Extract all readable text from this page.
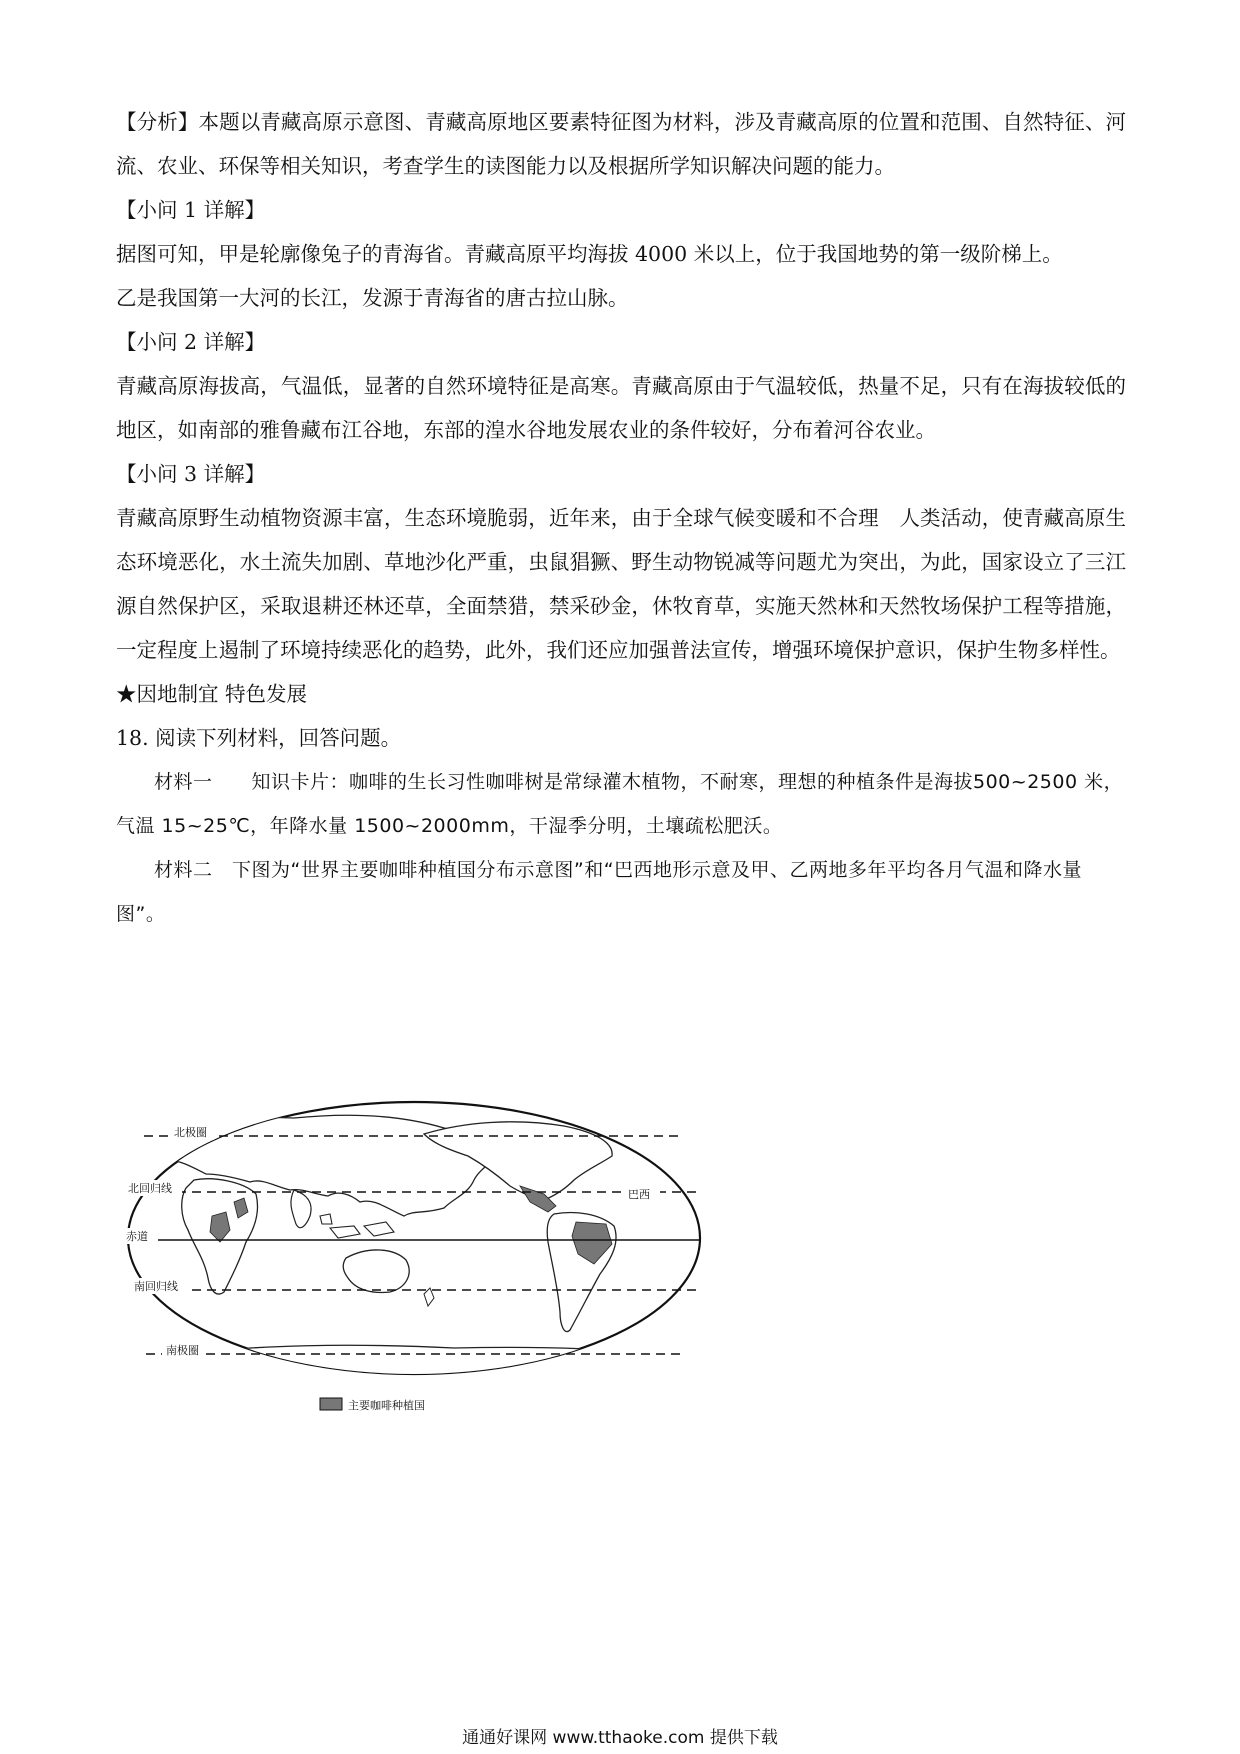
【分析】本题以青藏高原示意图、青藏高原地区要素特征图为材料，涉及青藏高原的位置和范围、自然特征、河流、农业、环保等相关知识，考查学生的读图能力以及根据所学知识解决问题的能力。

【小问 1 详解】

据图可知，甲是轮廓像兔子的青海省。青藏高原平均海拔 4000 米以上，位于我国地势的第一级阶梯上。

乙是我国第一大河的长江，发源于青海省的唐古拉山脉。

【小问 2 详解】

青藏高原海拔高，气温低，显著的自然环境特征是高寒。青藏高原由于气温较低，热量不足，只有在海拔较低的地区，如南部的雅鲁藏布江谷地，东部的湟水谷地发展农业的条件较好，分布着河谷农业。

【小问 3 详解】

青藏高原野生动植物资源丰富，生态环境脆弱，近年来，由于全球气候变暖和不合理　人类活动，使青藏高原生态环境恶化，水土流失加剧、草地沙化严重，虫鼠猖獗、野生动物锐减等问题尤为突出，为此，国家设立了三江源自然保护区，采取退耕还林还草，全面禁猎，禁采砂金，休牧育草，实施天然林和天然牧场保护工程等措施，一定程度上遏制了环境持续恶化的趋势，此外，我们还应加强普法宣传，增强环境保护意识，保护生物多样性。

★因地制宜 特色发展

18. 阅读下列材料，回答问题。

材料一　　知识卡片：咖啡的生长习性咖啡树是常绿灌木植物，不耐寒，理想的种植条件是海拔500~2500 米，气温 15~25℃，年降水量 1500~2000mm，干湿季分明，土壤疏松肥沃。

材料二　下图为“世界主要咖啡种植国分布示意图”和“巴西地形示意及甲、乙两地多年平均各月气温和降水量图”。

北极圈
北回归线
赤道
南回归线
南极圈
巴西
主要咖啡种植国
通通好课网 www.tthaoke.com 提供下载
